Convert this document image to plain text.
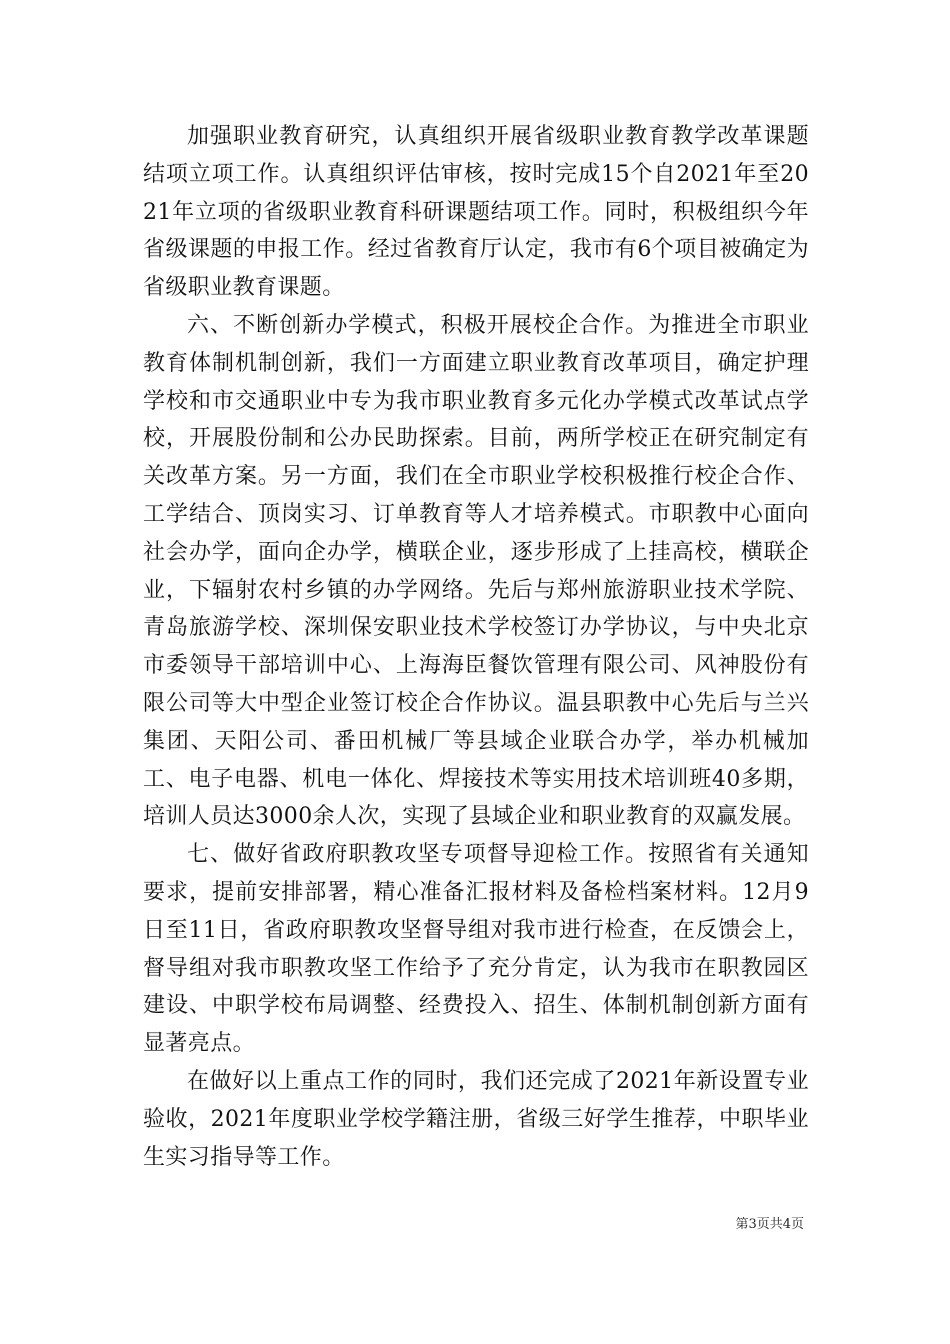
加强职业教育研究，认真组织开展省级职业教育教学改革课题结项立项工作。认真组织评估审核，按时完成15个自2021年至2021年立项的省级职业教育科研课题结项工作。同时，积极组织今年省级课题的申报工作。经过省教育厅认定，我市有6个项目被确定为省级职业教育课题。

六、不断创新办学模式，积极开展校企合作。为推进全市职业教育体制机制创新，我们一方面建立职业教育改革项目，确定护理学校和市交通职业中专为我市职业教育多元化办学模式改革试点学校，开展股份制和公办民助探索。目前，两所学校正在研究制定有关改革方案。另一方面，我们在全市职业学校积极推行校企合作、工学结合、顶岗实习、订单教育等人才培养模式。市职教中心面向社会办学，面向企办学，横联企业，逐步形成了上挂高校，横联企业，下辐射农村乡镇的办学网络。先后与郑州旅游职业技术学院、青岛旅游学校、深圳保安职业技术学校签订办学协议，与中央北京市委领导干部培训中心、上海海臣餐饮管理有限公司、风神股份有限公司等大中型企业签订校企合作协议。温县职教中心先后与兰兴集团、天阳公司、番田机械厂等县域企业联合办学，举办机械加工、电子电器、机电一体化、焊接技术等实用技术培训班40多期，培训人员达3000余人次，实现了县域企业和职业教育的双赢发展。

七、做好省政府职教攻坚专项督导迎检工作。按照省有关通知要求，提前安排部署，精心准备汇报材料及备检档案材料。12月9日至11日，省政府职教攻坚督导组对我市进行检查，在反馈会上，督导组对我市职教攻坚工作给予了充分肯定，认为我市在职教园区建设、中职学校布局调整、经费投入、招生、体制机制创新方面有显著亮点。

在做好以上重点工作的同时，我们还完成了2021年新设置专业验收，2021年度职业学校学籍注册，省级三好学生推荐，中职毕业生实习指导等工作。

第3页共4页
